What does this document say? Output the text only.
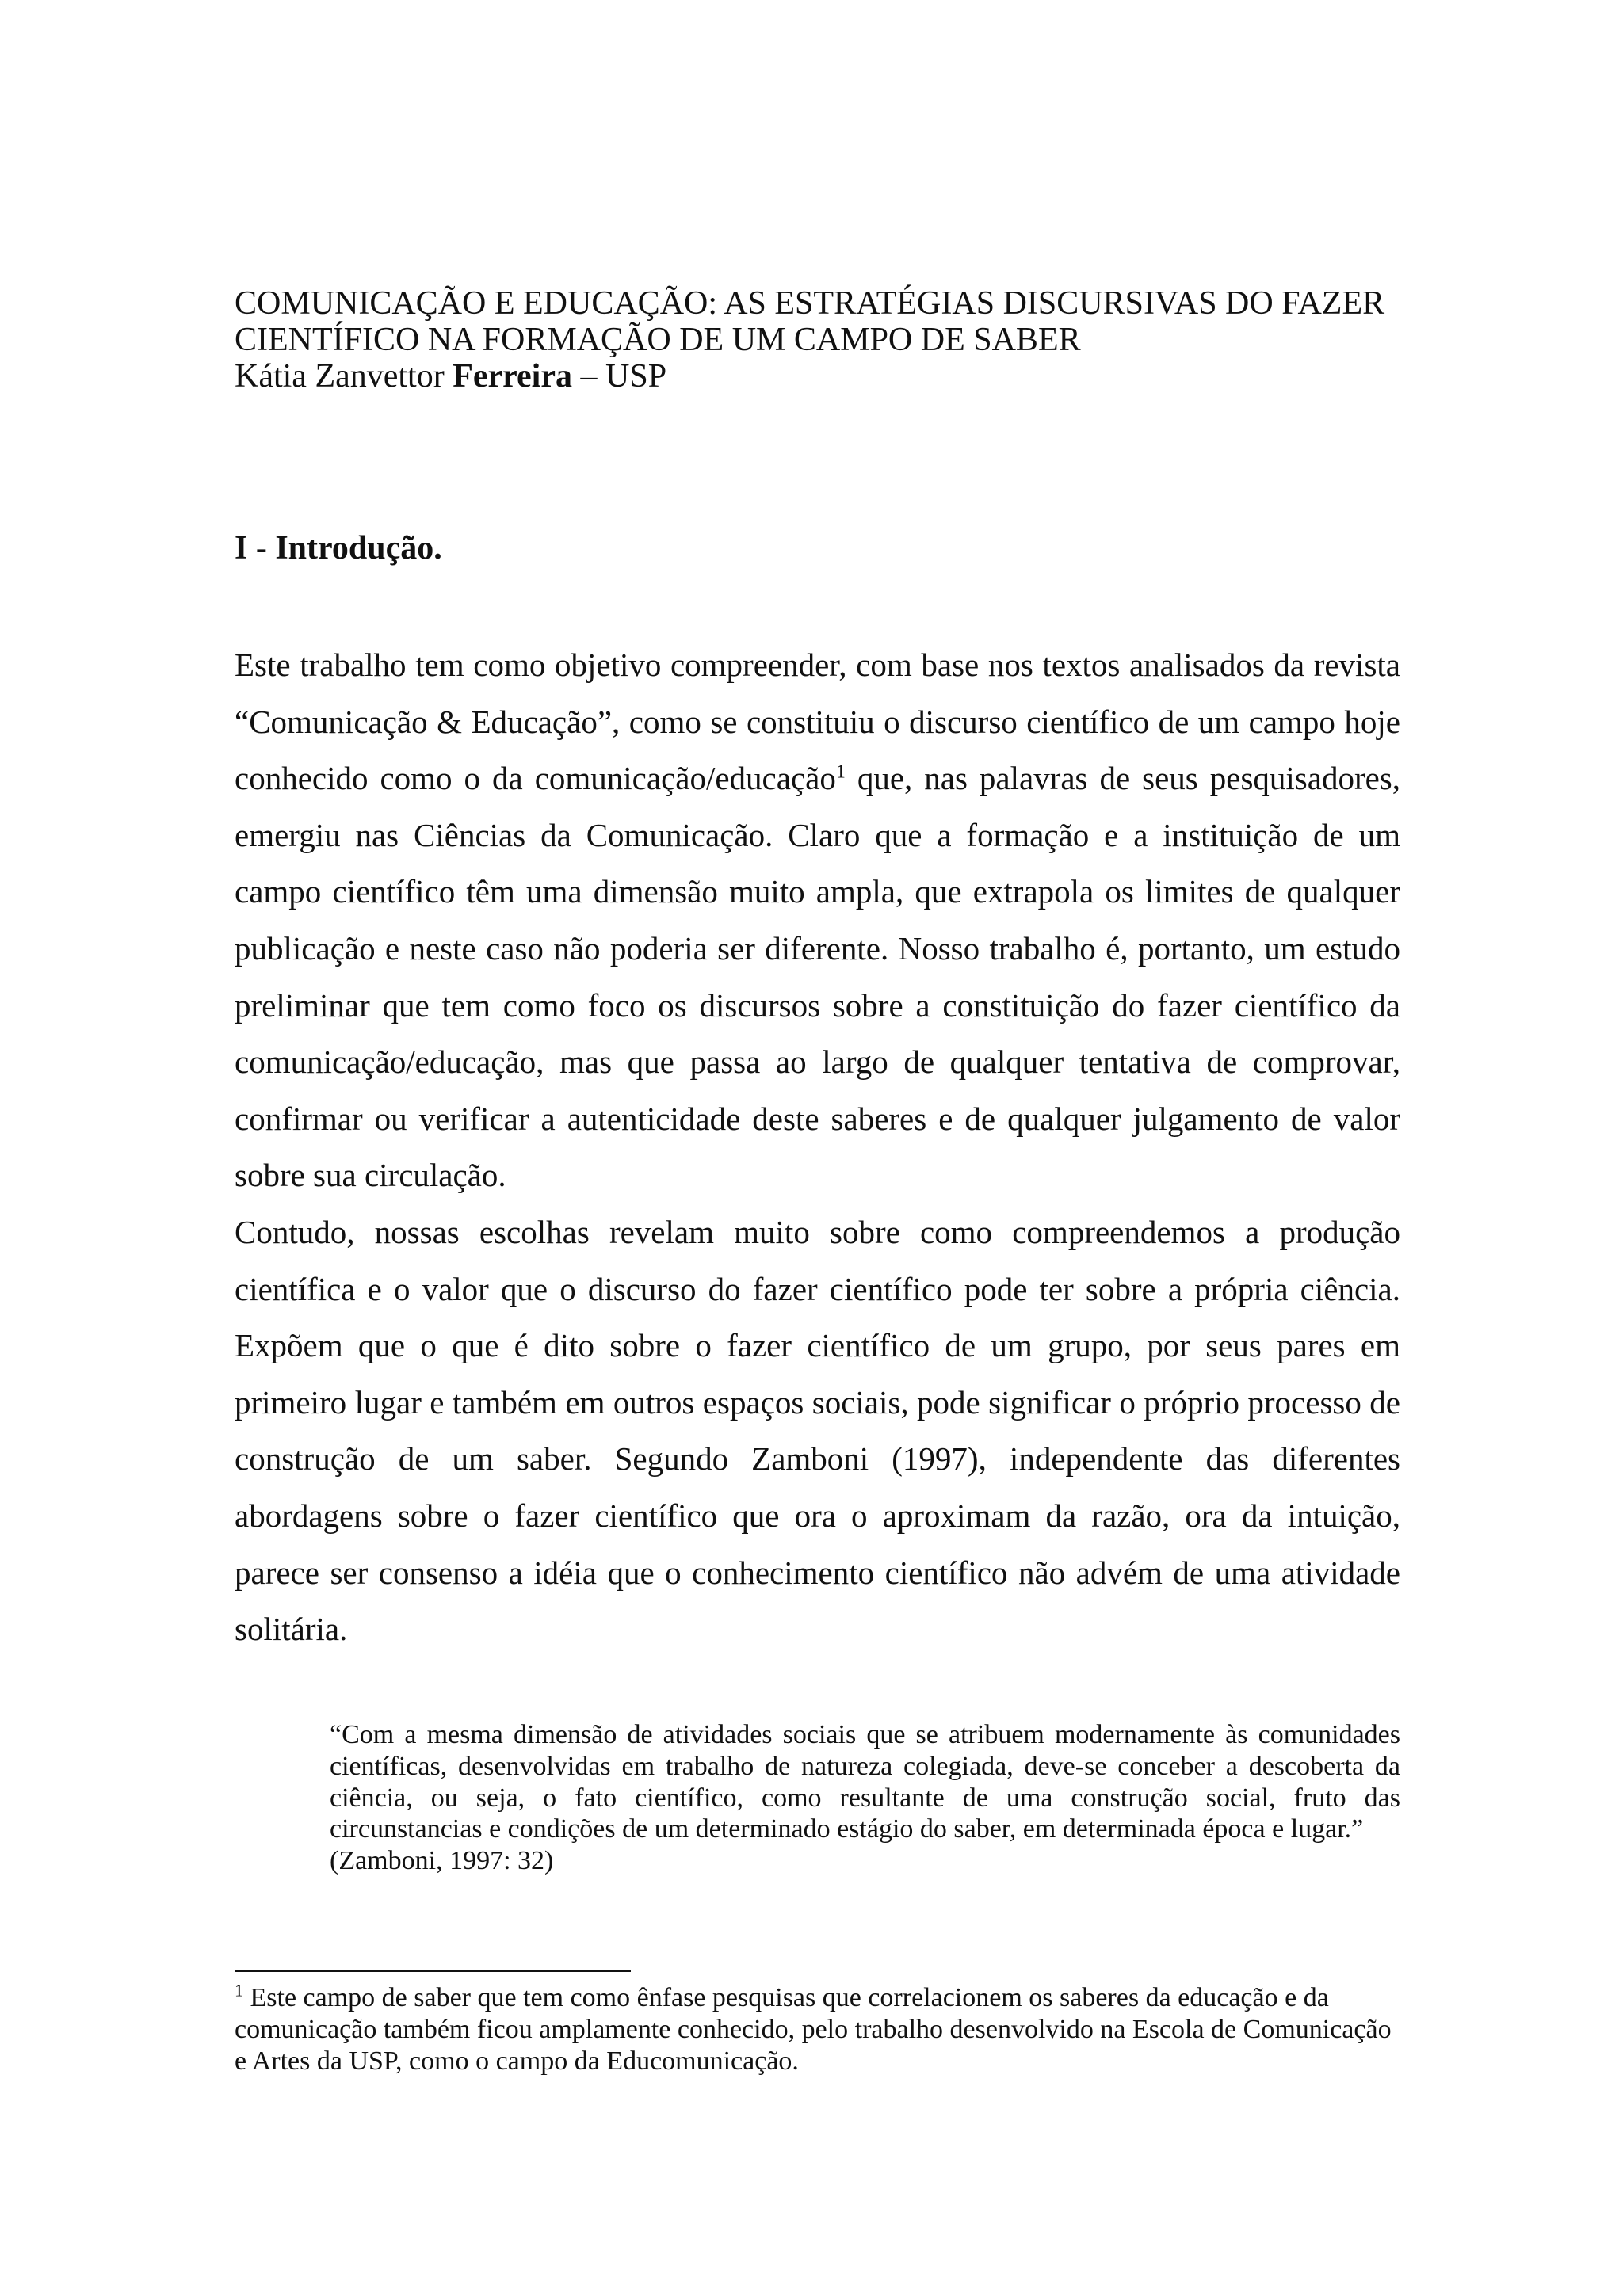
COMUNICAÇÃO E EDUCAÇÃO: AS ESTRATÉGIAS DISCURSIVAS DO FAZER
CIENTÍFICO NA FORMAÇÃO DE UM CAMPO DE SABER
Kátia Zanvettor Ferreira – USP
I - Introdução.

Este trabalho tem como objetivo compreender, com base nos textos analisados da revista “Comunicação & Educação”, como se constituiu o discurso científico de um campo hoje conhecido como o da comunicação/educação$^1$ que, nas palavras de seus pesquisadores, emergiu nas Ciências da Comunicação. Claro que a formação e a instituição de um campo científico têm uma dimensão muito ampla, que extrapola os limites de qualquer publicação e neste caso não poderia ser diferente. Nosso trabalho é, portanto, um estudo preliminar que tem como foco os discursos sobre a constituição do fazer científico da comunicação/educação, mas que passa ao largo de qualquer tentativa de comprovar, confirmar ou verificar a autenticidade deste saberes e de qualquer julgamento de valor sobre sua circulação.

Contudo, nossas escolhas revelam muito sobre como compreendemos a produção científica e o valor que o discurso do fazer científico pode ter sobre a própria ciência. Expõem que o que é dito sobre o fazer científico de um grupo, por seus pares em primeiro lugar e também em outros espaços sociais, pode significar o próprio processo de construção de um saber. Segundo Zamboni (1997), independente das diferentes abordagens sobre o fazer científico que ora o aproximam da razão, ora da intuição, parece ser consenso a idéia que o conhecimento científico não advém de uma atividade solitária.

“Com a mesma dimensão de atividades sociais que se atribuem modernamente às comunidades científicas, desenvolvidas em trabalho de natureza colegiada, deve-se conceber a descoberta da ciência, ou seja, o fato científico, como resultante de uma construção social, fruto das circunstancias e condições de um determinado estágio do saber, em determinada época e lugar.”

(Zamboni, 1997: 32)

$^1$ Este campo de saber que tem como ênfase pesquisas que correlacionem os saberes da educação e da comunicação também ficou amplamente conhecido, pelo trabalho desenvolvido na Escola de Comunicação e Artes da USP, como o campo da Educomunicação.
